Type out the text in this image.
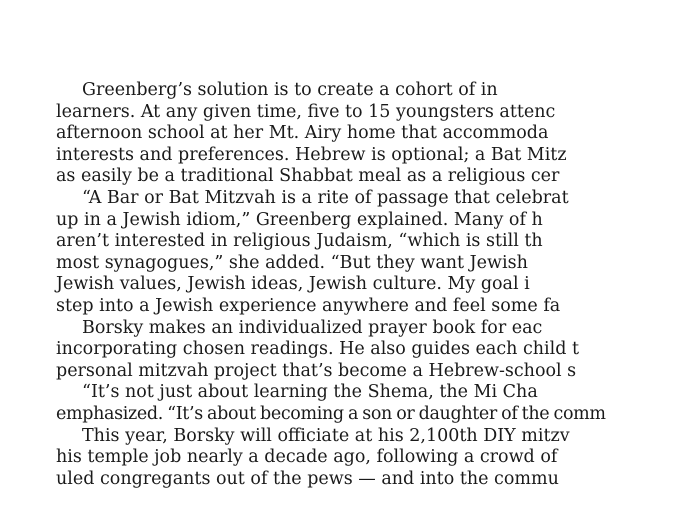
Greenberg’s solution is to create a cohort of in
learners. At any given time, five to 15 youngsters attenc
afternoon school at her Mt. Airy home that accommoda
interests and preferences. Hebrew is optional; a Bat Mitz
as easily be a traditional Shabbat meal as a religious cer
“A Bar or Bat Mitzvah is a rite of passage that celebrat
up in a Jewish idiom,” Greenberg explained. Many of h
aren’t interested in religious Judaism, “which is still th
most synagogues,” she added. “But they want Jewish
Jewish values, Jewish ideas, Jewish culture. My goal i
step into a Jewish experience anywhere and feel some fa
Borsky makes an individualized prayer book for eac
incorporating chosen readings. He also guides each child t
personal mitzvah project that’s become a Hebrew-school s
“It’s not just about learning the Shema, the Mi Cha
emphasized. “It’s about becoming a son or daughter of the comm
This year, Borsky will officiate at his 2,100th DIY mitzv
his temple job nearly a decade ago, following a crowd of
uled congregants out of the pews — and into the commu
